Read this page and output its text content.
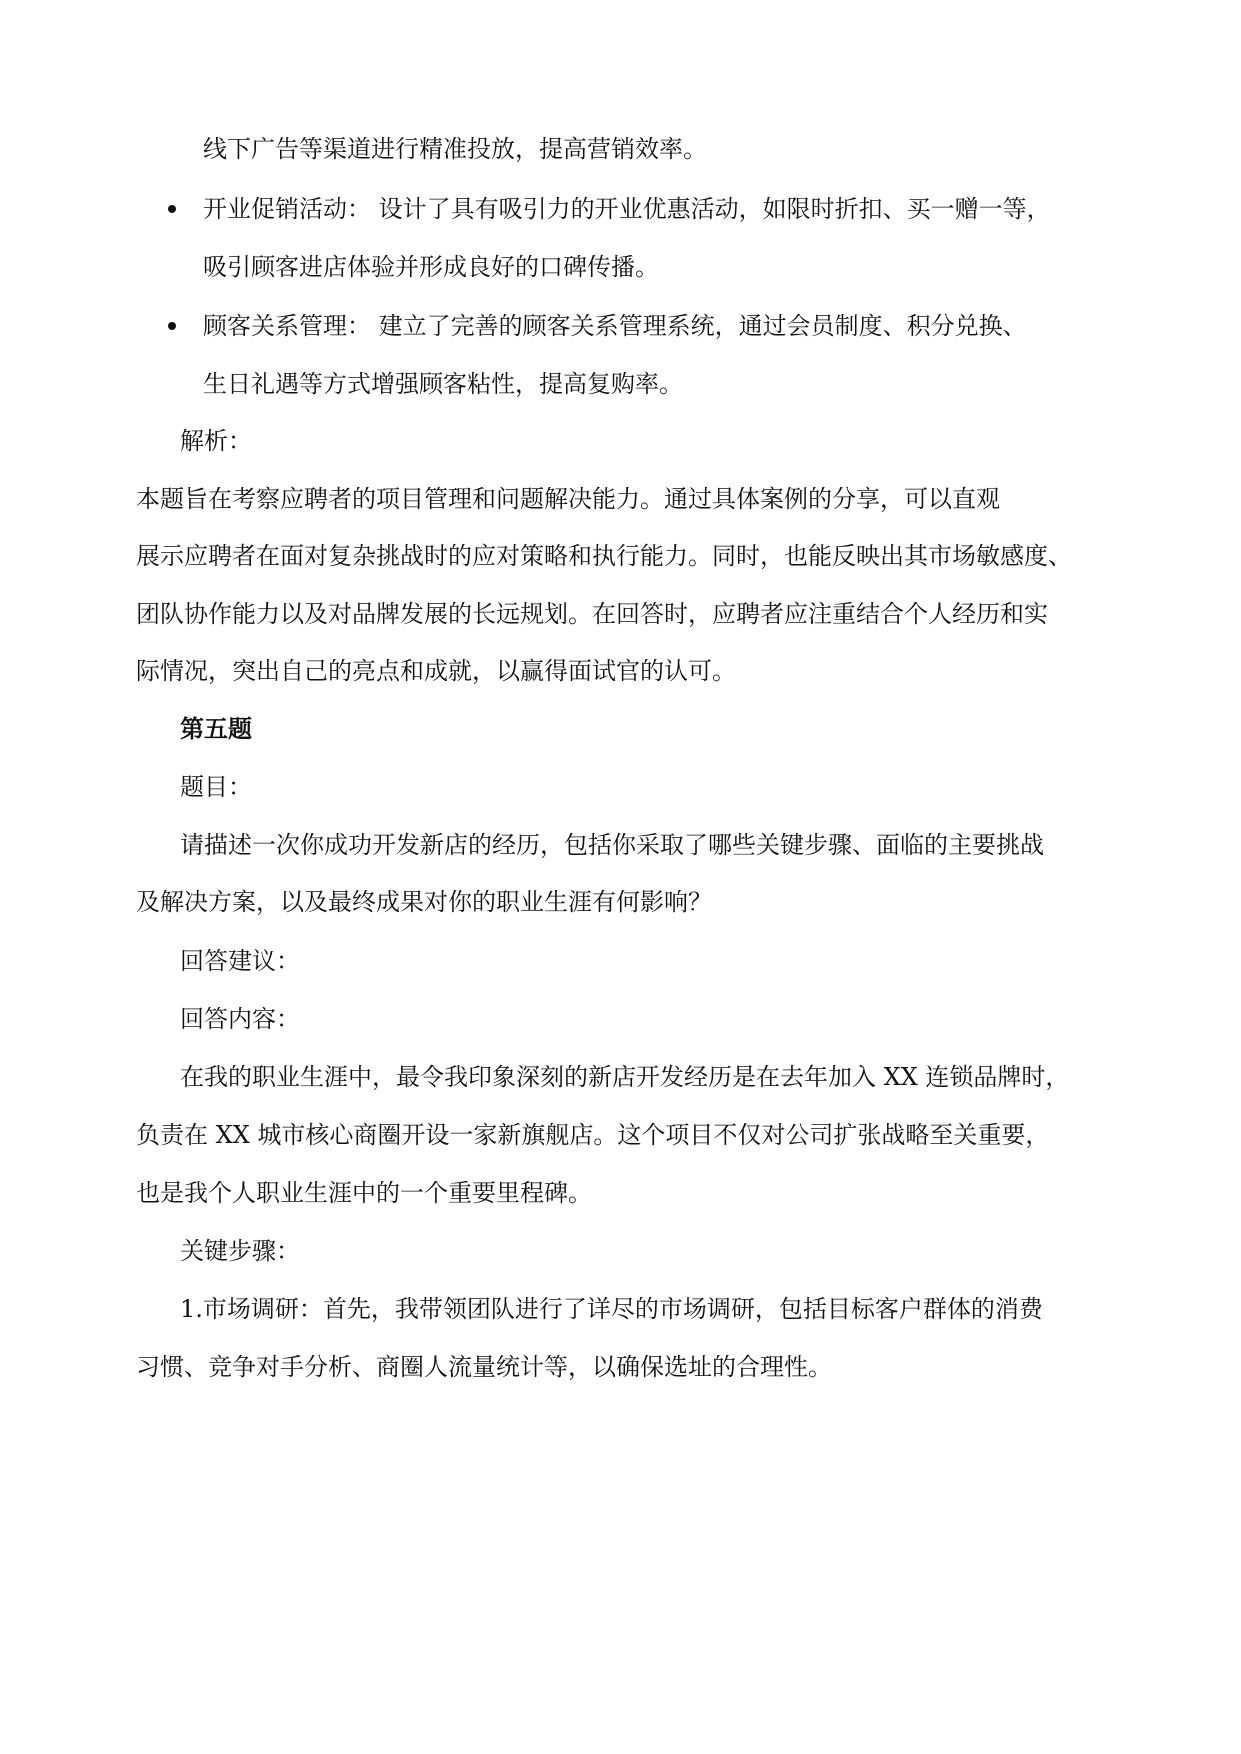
线下广告等渠道进行精准投放，提高营销效率。
开业促销活动： 设计了具有吸引力的开业优惠活动，如限时折扣、买一赠一等，
吸引顾客进店体验并形成良好的口碑传播。
顾客关系管理： 建立了完善的顾客关系管理系统，通过会员制度、积分兑换、
生日礼遇等方式增强顾客粘性，提高复购率。
解析：
本题旨在考察应聘者的项目管理和问题解决能力。通过具体案例的分享，可以直观
展示应聘者在面对复杂挑战时的应对策略和执行能力。同时，也能反映出其市场敏感度、
团队协作能力以及对品牌发展的长远规划。在回答时，应聘者应注重结合个人经历和实
际情况，突出自己的亮点和成就，以赢得面试官的认可。
第五题
题目：
请描述一次你成功开发新店的经历，包括你采取了哪些关键步骤、面临的主要挑战
及解决方案，以及最终成果对你的职业生涯有何影响？
回答建议：
回答内容：
在我的职业生涯中，最令我印象深刻的新店开发经历是在去年加入 XX 连锁品牌时，
负责在 XX 城市核心商圈开设一家新旗舰店。这个项目不仅对公司扩张战略至关重要，
也是我个人职业生涯中的一个重要里程碑。
关键步骤：
1.市场调研：首先，我带领团队进行了详尽的市场调研，包括目标客户群体的消费
习惯、竞争对手分析、商圈人流量统计等，以确保选址的合理性。
